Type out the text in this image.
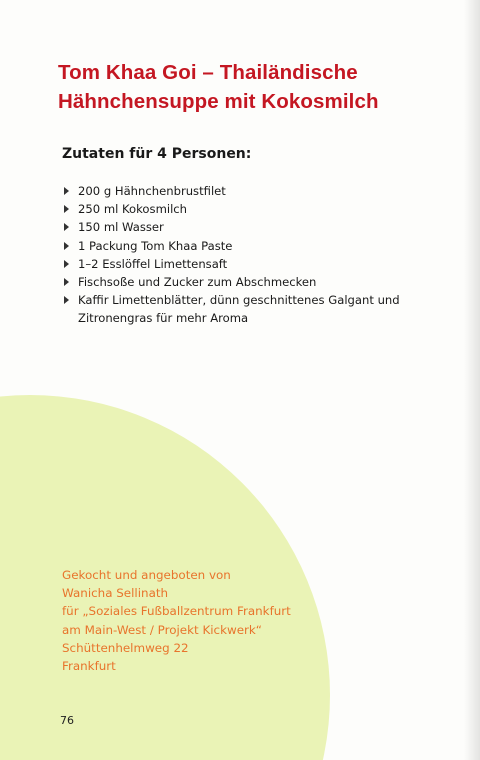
Tom Khaa Goi – Thailändische
Hähnchensuppe mit Kokosmilch
Zutaten für 4 Personen:
200 g Hähnchenbrustfilet
250 ml Kokosmilch
150 ml Wasser
1 Packung Tom Khaa Paste
1–2 Esslöffel Limettensaft
Fischsoße und Zucker zum Abschmecken
Kaffir Limettenblätter, dünn geschnittenes Galgant und Zitronengras für mehr Aroma
Gekocht und angeboten von
Wanicha Sellinath
für „Soziales Fußballzentrum Frankfurt
am Main-West / Projekt Kickwerk“
Schüttenhelmweg 22
Frankfurt
76
